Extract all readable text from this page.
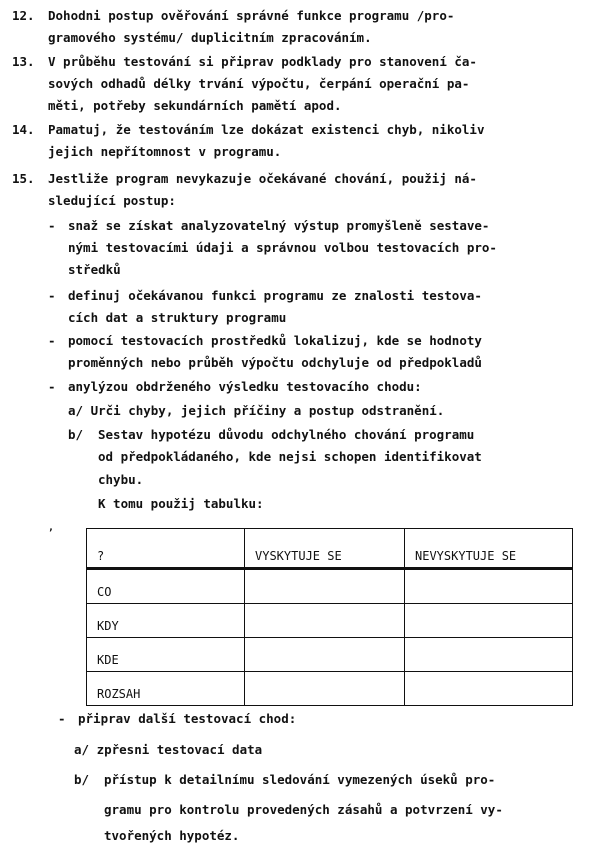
12. Dohodni postup ověřování správné funkce programu /pro-
gramového systému/ duplicitním zpracováním.
13. V průběhu testování si připrav podklady pro stanovení ča-
sových odhadů délky trvání výpočtu, čerpání operační pa-
měti, potřeby sekundárních pamětí apod.
14. Pamatuj, že testováním lze dokázat existenci chyb, nikoliv
jejich nepřítomnost v programu.
15. Jestliže program nevykazuje očekávané chování, použij ná-
sledující postup:
- snaž se získat analyzovatelný výstup promyšleně sestave-
nými testovacími údaji a správnou volbou testovacích pro-
středků
- definuj očekávanou funkci programu ze znalosti testova-
cích dat a struktury programu
- pomocí testovacích prostředků lokalizuj, kde se hodnoty
proměnných nebo průběh výpočtu odchyluje od předpokladů
- anylýzou obdrženého výsledku testovacího chodu:
a/ Urči chyby, jejich příčiny a postup odstranění.
b/ Sestav hypotézu důvodu odchylného chování programu
od předpokládaného, kde nejsi schopen identifikovat
chybu.
K tomu použij tabulku:
,
?	VYSKYTUJE SE	NEVYSKYTUJE SE
CO		
KDY		
KDE		
ROZSAH		
- připrav další testovací chod:
a/ zpřesni testovací data
b/ přístup k detailnímu sledování vymezených úseků pro-
gramu pro kontrolu provedených zásahů a potvrzení vy-
tvořených hypotéz.
